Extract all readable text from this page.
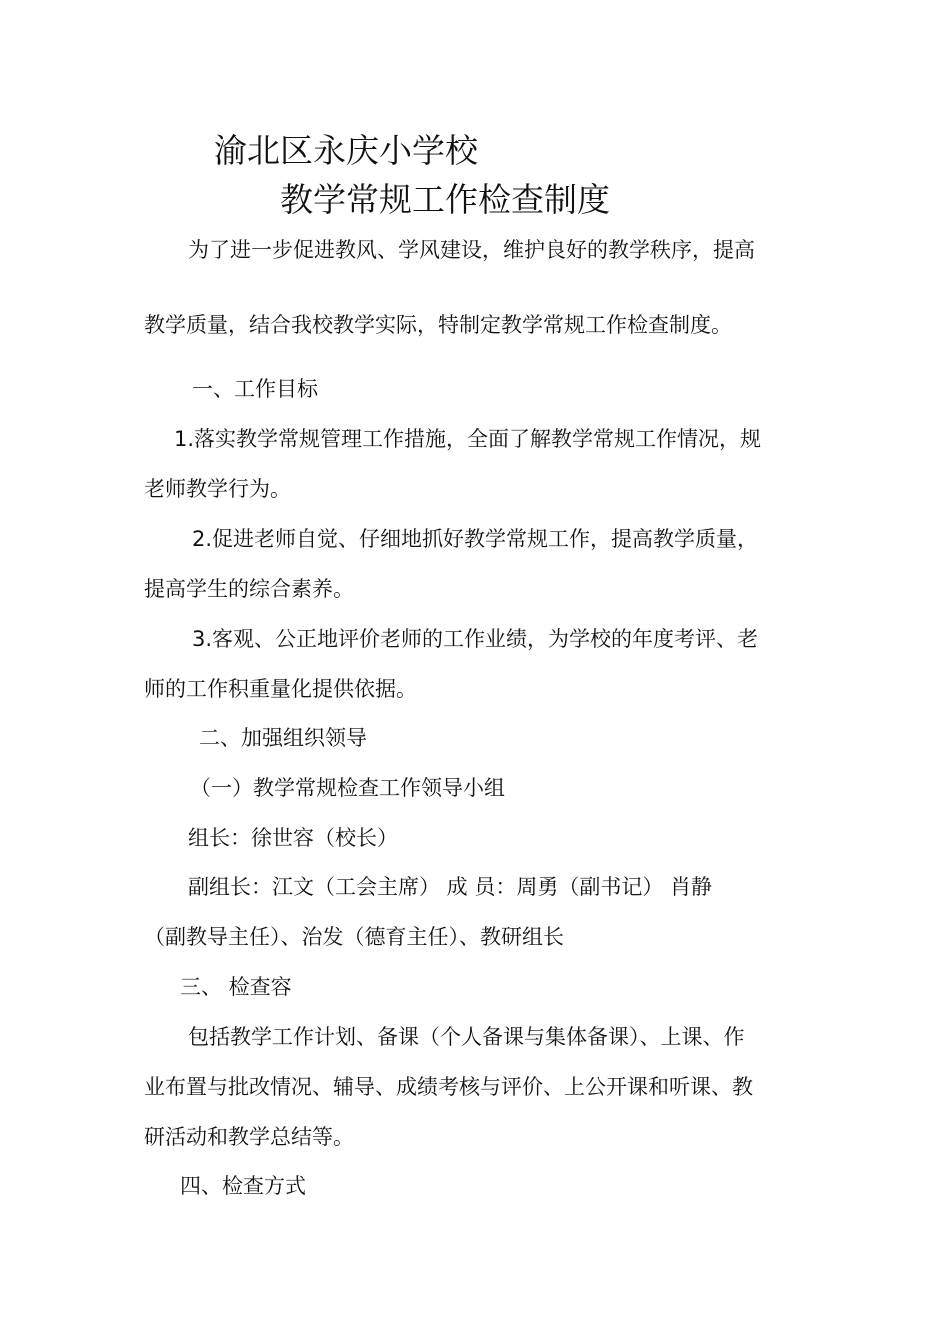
渝北区永庆小学校
教学常规工作检查制度
为了进一步促进教风、学风建设，维护良好的教学秩序，提高
教学质量，结合我校教学实际，特制定教学常规工作检查制度。
一、工作目标
1.落实教学常规管理工作措施，全面了解教学常规工作情况，规
老师教学行为。
2.促进老师自觉、仔细地抓好教学常规工作，提高教学质量，
提高学生的综合素养。
3.客观、公正地评价老师的工作业绩，为学校的年度考评、老
师的工作积重量化提供依据。
二、加强组织领导
（一）教学常规检查工作领导小组
组长：徐世容（校长）
副组长：江文（工会主席） 成 员：周勇（副书记） 肖静
（副教导主任）、治发（德育主任）、教研组长
三、 检查容
包括教学工作计划、备课（个人备课与集体备课）、上课、作
业布置与批改情况、辅导、成绩考核与评价、上公开课和听课、教
研活动和教学总结等。
四、检查方式
